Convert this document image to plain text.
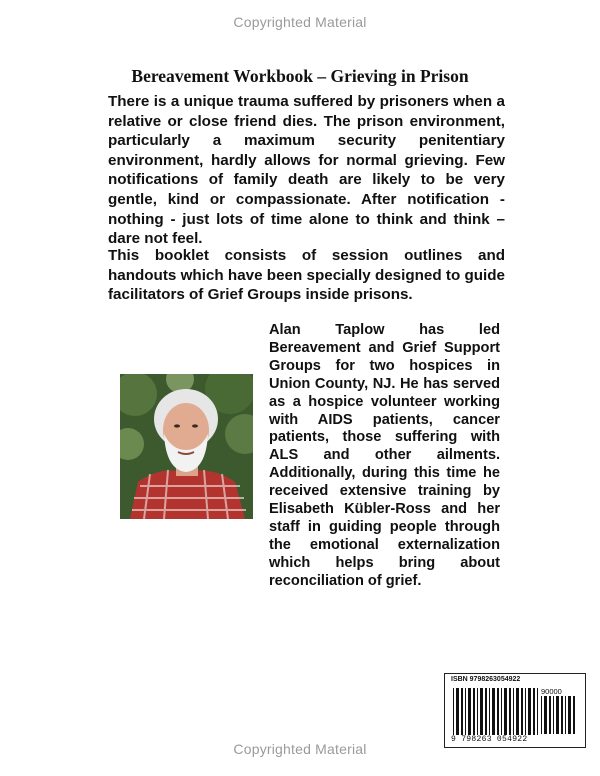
Copyrighted Material
Bereavement Workbook – Grieving in Prison
There is a unique trauma suffered by prisoners when a relative or close friend dies. The prison environment, particularly a maximum security penitentiary environment, hardly allows for normal grieving. Few notifications of family death are likely to be very gentle, kind or compassionate. After notification - nothing - just lots of time alone to think and think – dare not feel.
This booklet consists of session outlines and handouts which have been specially designed to guide facilitators of Grief Groups inside prisons.
Alan Taplow has led Bereavement and Grief Support Groups for two hospices in Union County, NJ. He has served as a hospice volunteer working with AIDS patients, cancer patients, those suffering with ALS and other ailments. Additionally, during this time he received extensive training by Elisabeth Kübler-Ross and her staff in guiding people through the emotional externalization which helps bring about reconciliation of grief.
ISBN 9798263054922
90000
9 798263 054922
Copyrighted Material
